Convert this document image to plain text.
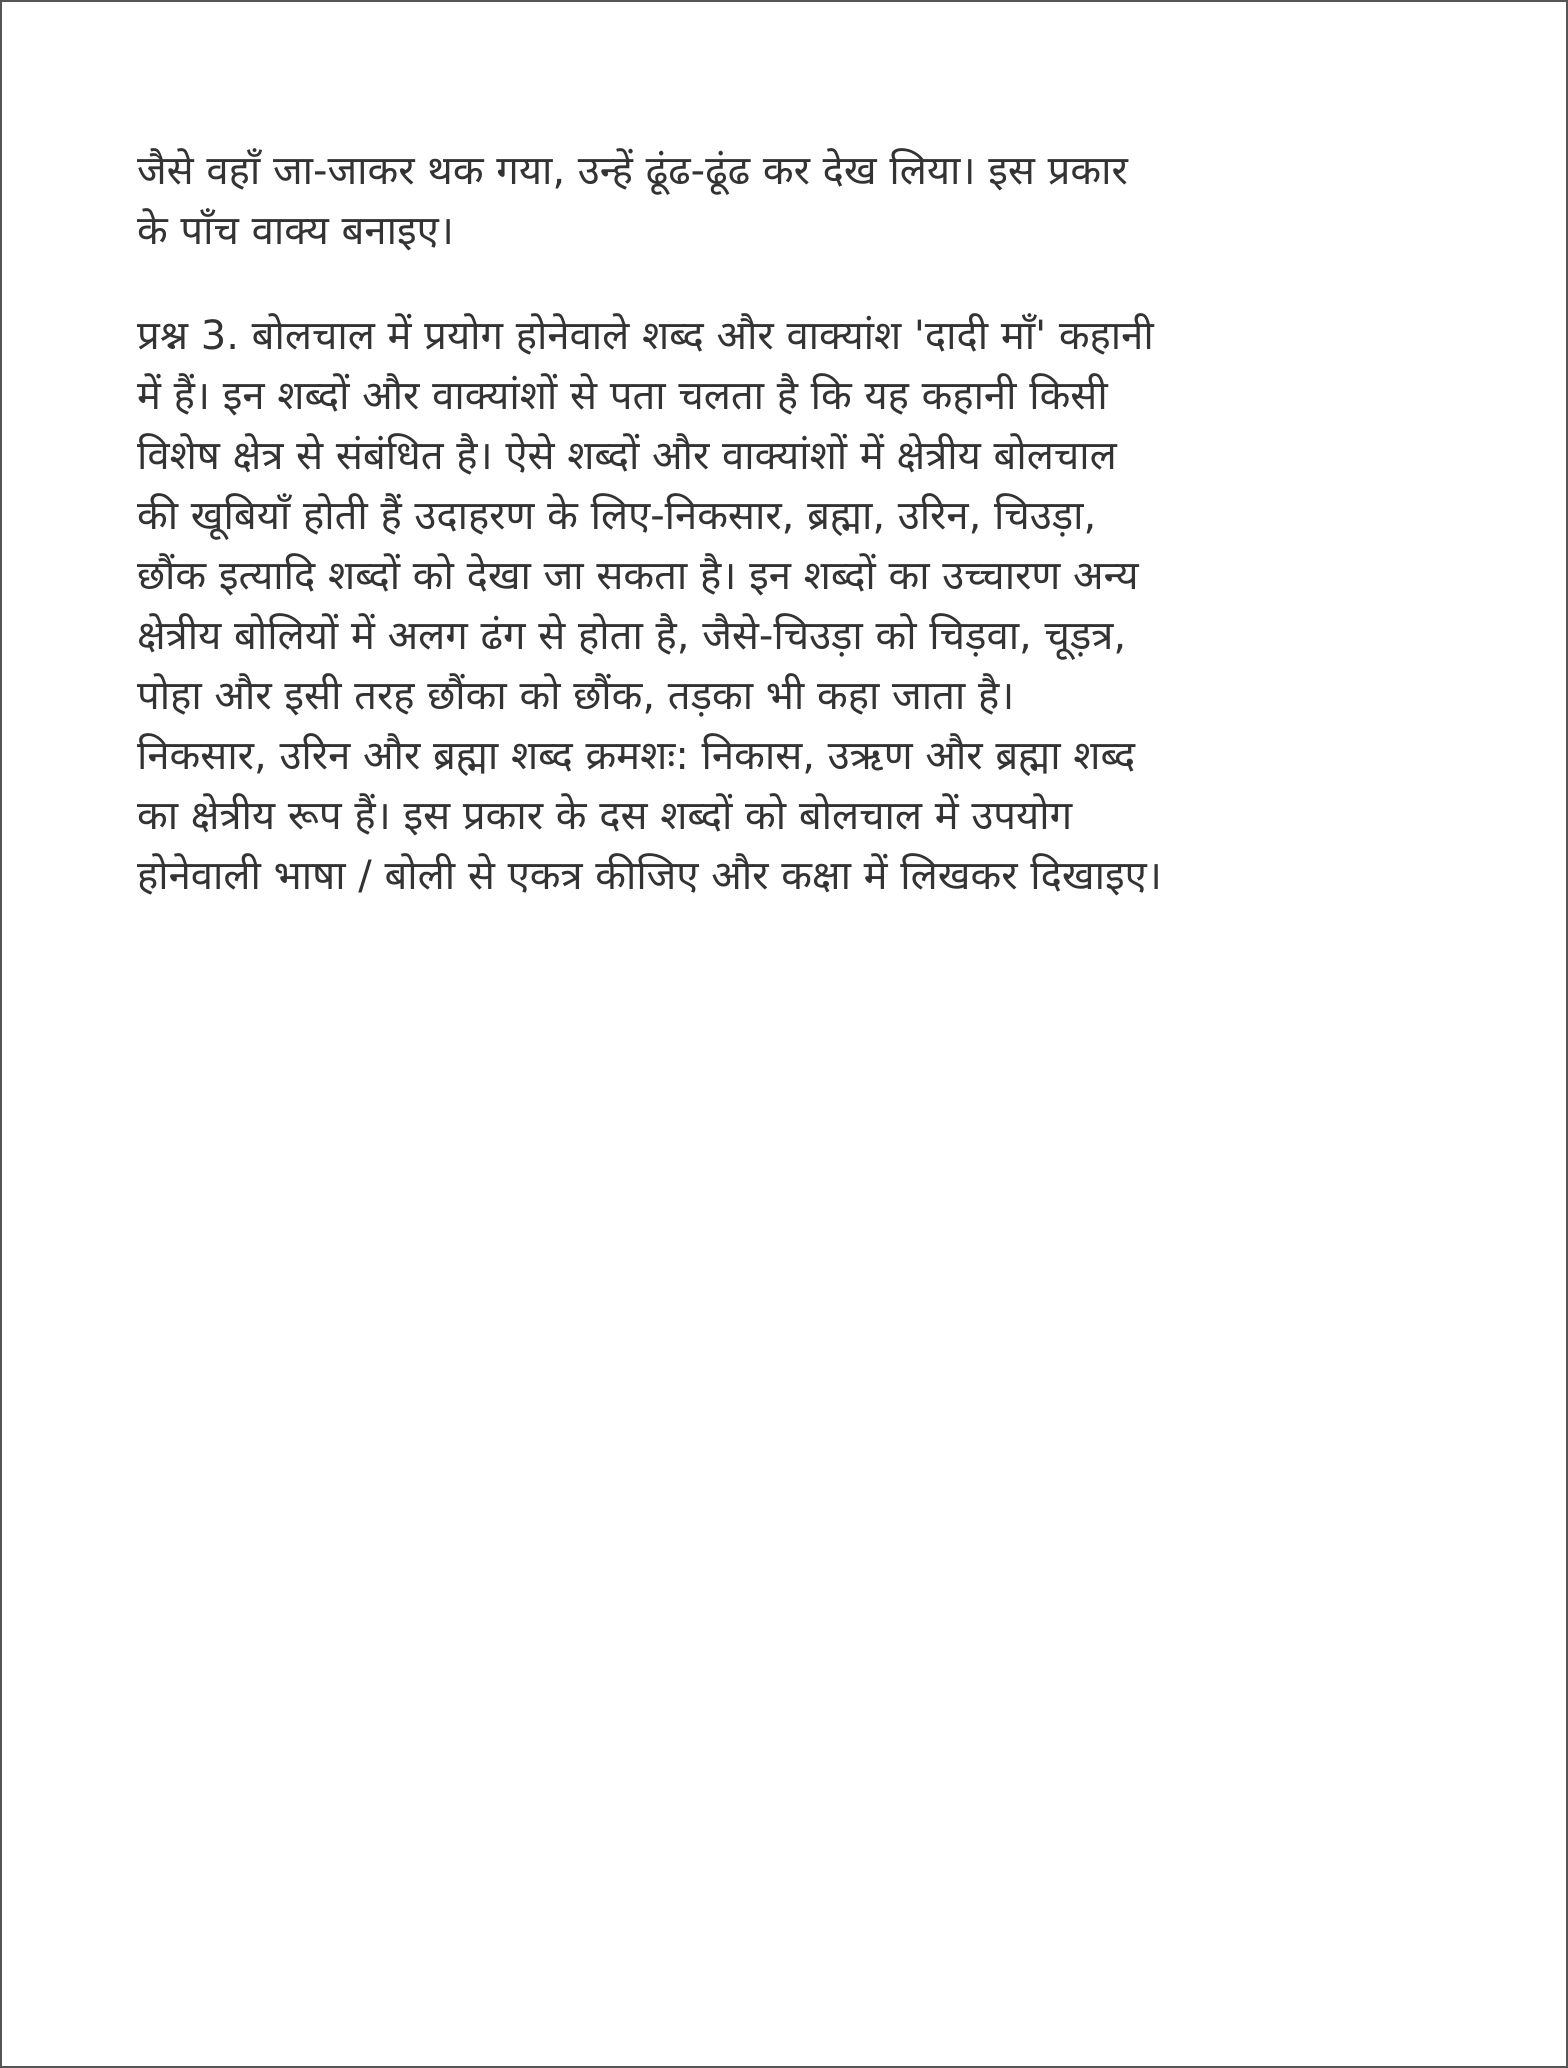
जैसे वहाँ जा-जाकर थक गया, उन्हें ढूंढ-ढूंढ कर देख लिया। इस प्रकार
के पाँच वाक्य बनाइए।
प्रश्न 3. बोलचाल में प्रयोग होनेवाले शब्द और वाक्यांश 'दादी माँ' कहानी
में हैं। इन शब्दों और वाक्यांशों से पता चलता है कि यह कहानी किसी
विशेष क्षेत्र से संबंधित है। ऐसे शब्दों और वाक्यांशों में क्षेत्रीय बोलचाल
की खूबियाँ होती हैं उदाहरण के लिए-निकसार, ब्रह्मा, उरिन, चिउड़ा,
छौंक इत्यादि शब्दों को देखा जा सकता है। इन शब्दों का उच्चारण अन्य
क्षेत्रीय बोलियों में अलग ढंग से होता है, जैसे-चिउड़ा को चिड़वा, चूड़त्र,
पोहा और इसी तरह छौंका को छौंक, तड़का भी कहा जाता है।
निकसार, उरिन और ब्रह्मा शब्द क्रमशः: निकास, उऋण और ब्रह्मा शब्द
का क्षेत्रीय रूप हैं। इस प्रकार के दस शब्दों को बोलचाल में उपयोग
होनेवाली भाषा / बोली से एकत्र कीजिए और कक्षा में लिखकर दिखाइए।
